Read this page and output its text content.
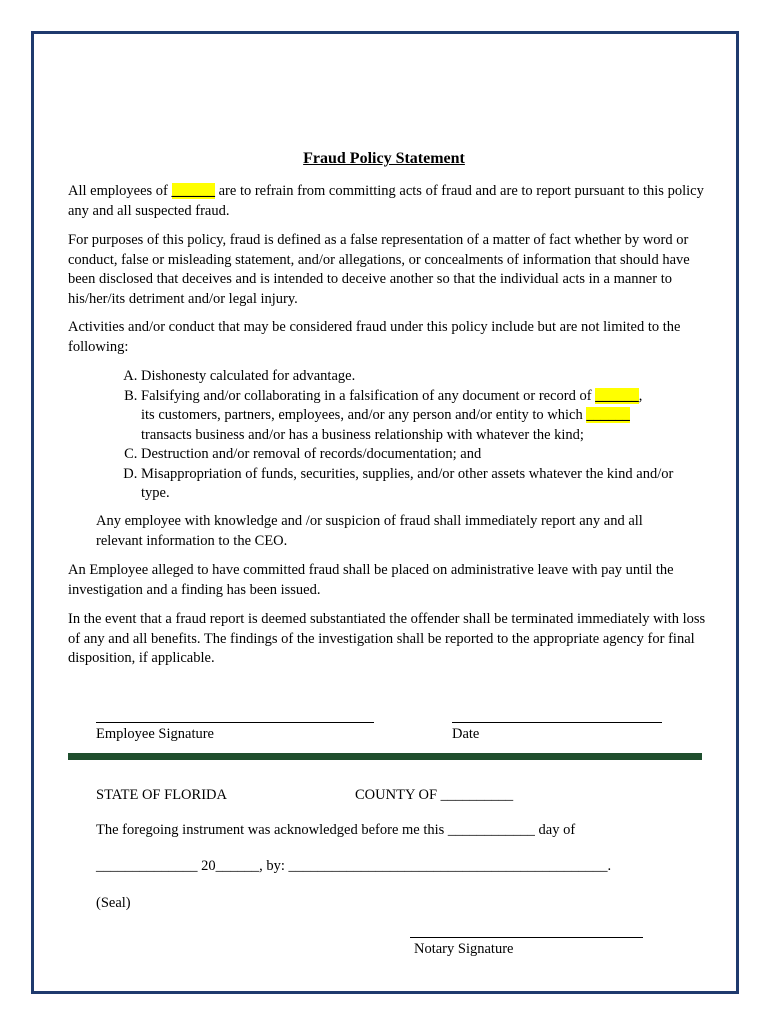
Fraud Policy Statement
All employees of ______ are to refrain from committing acts of fraud and are to report pursuant to this policy any and all suspected fraud.
For purposes of this policy, fraud is defined as a false representation of a matter of fact whether by word or conduct, false or misleading statement, and/or allegations, or concealments of information that should have been disclosed that deceives and is intended to deceive another so that the individual acts in a manner to his/her/its detriment and/or legal injury.
Activities and/or conduct that may be considered fraud under this policy include but are not limited to the following:
A. Dishonesty calculated for advantage.
B. Falsifying and/or collaborating in a falsification of any document or record of ______,
its customers, partners, employees, and/or any person and/or entity to which ______
transacts business and/or has a business relationship with whatever the kind;
C. Destruction and/or removal of records/documentation; and
D. Misappropriation of funds, securities, supplies, and/or other assets whatever the kind and/or type.
Any employee with knowledge and /or suspicion of fraud shall immediately report any and all relevant information to the CEO.
An Employee alleged to have committed fraud shall be placed on administrative leave with pay until the investigation and a finding has been issued.
In the event that a fraud report is deemed substantiated the offender shall be terminated immediately with loss of any and all benefits. The findings of the investigation shall be reported to the appropriate agency for final disposition, if applicable.
Employee Signature	Date
STATE OF FLORIDA	COUNTY OF __________
The foregoing instrument was acknowledged before me this ____________ day of
______________ 20______, by: ____________________________________________.
(Seal)
Notary Signature
